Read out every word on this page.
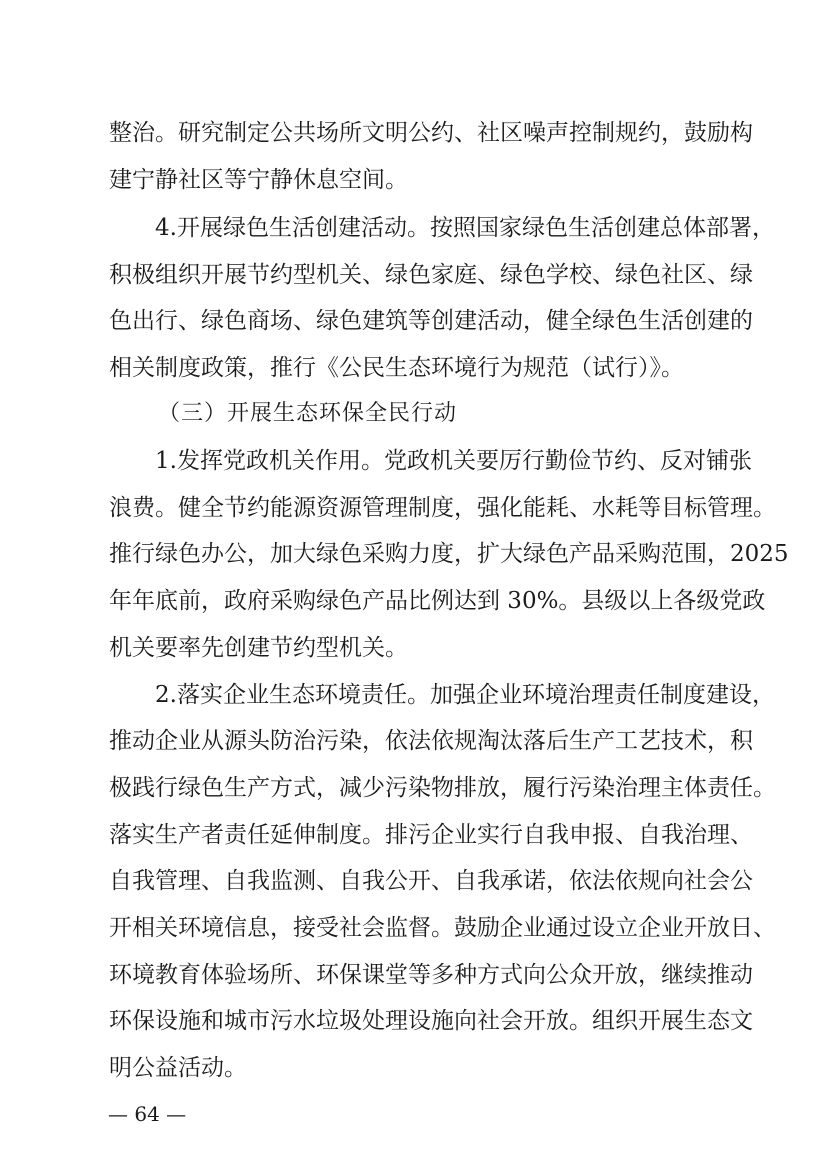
整治。研究制定公共场所文明公约、社区噪声控制规约，鼓励构
建宁静社区等宁静休息空间。
4.开展绿色生活创建活动。按照国家绿色生活创建总体部署，
积极组织开展节约型机关、绿色家庭、绿色学校、绿色社区、绿
色出行、绿色商场、绿色建筑等创建活动，健全绿色生活创建的
相关制度政策，推行《公民生态环境行为规范（试行）》。
（三）开展生态环保全民行动
1.发挥党政机关作用。党政机关要厉行勤俭节约、反对铺张
浪费。健全节约能源资源管理制度，强化能耗、水耗等目标管理。
推行绿色办公，加大绿色采购力度，扩大绿色产品采购范围，2025
年年底前，政府采购绿色产品比例达到 30%。县级以上各级党政
机关要率先创建节约型机关。
2.落实企业生态环境责任。加强企业环境治理责任制度建设，
推动企业从源头防治污染，依法依规淘汰落后生产工艺技术，积
极践行绿色生产方式，减少污染物排放，履行污染治理主体责任。
落实生产者责任延伸制度。排污企业实行自我申报、自我治理、
自我管理、自我监测、自我公开、自我承诺，依法依规向社会公
开相关环境信息，接受社会监督。鼓励企业通过设立企业开放日、
环境教育体验场所、环保课堂等多种方式向公众开放，继续推动
环保设施和城市污水垃圾处理设施向社会开放。组织开展生态文
明公益活动。
— 64 —
